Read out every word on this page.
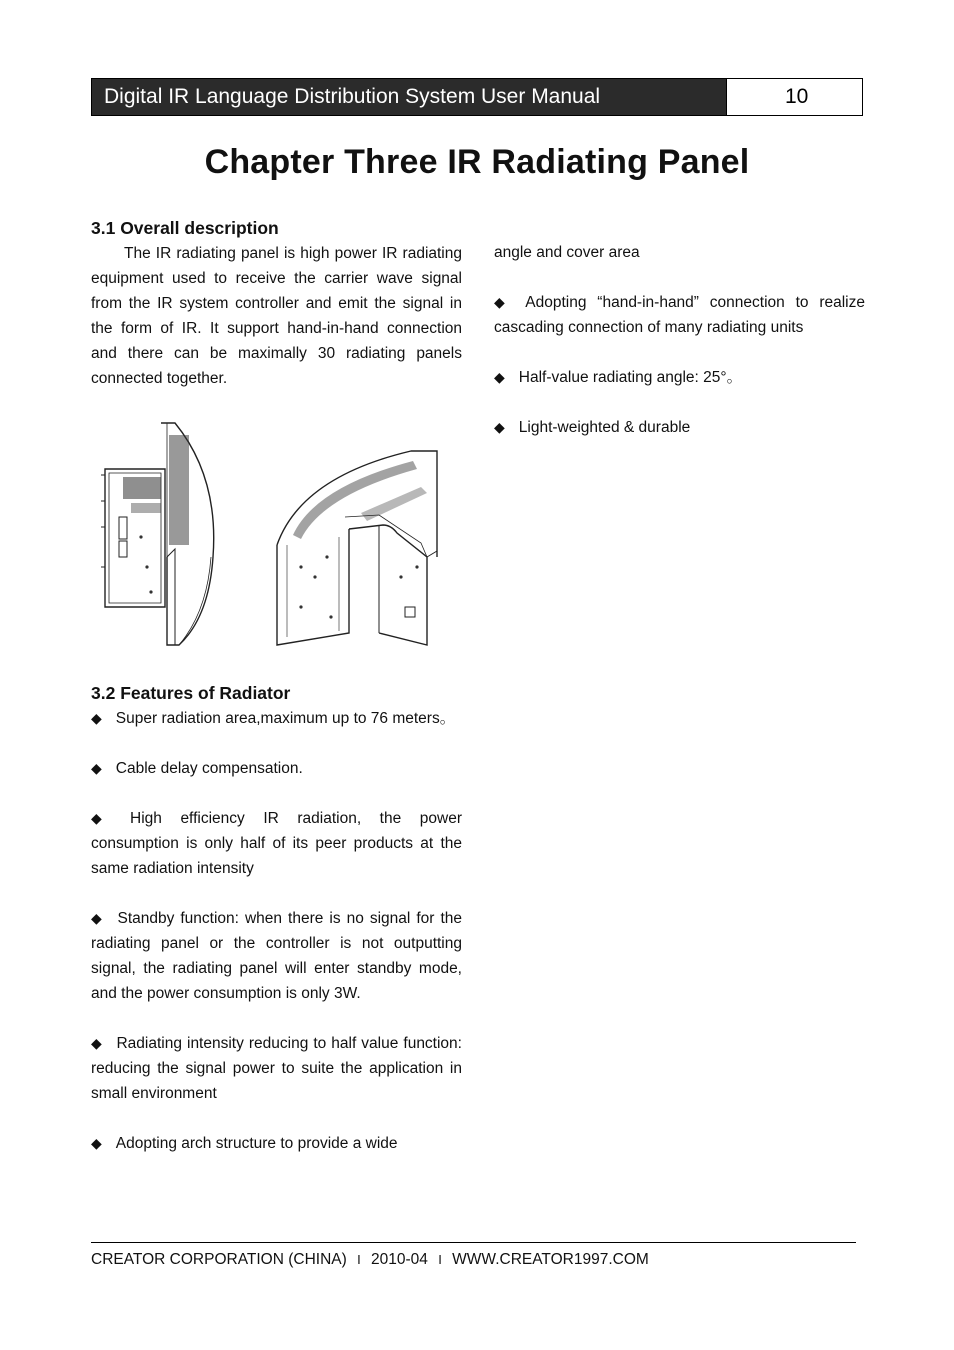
Digital IR Language Distribution System User Manual	10
Chapter Three IR Radiating Panel
3.1 Overall description

The IR radiating panel is high power IR radiating equipment used to receive the carrier wave signal from the IR system controller and emit the signal in the form of IR. It support hand-in-hand connection and there can be maximally 30 radiating panels connected together.

3.2 Features of Radiator

◆ Super radiation area,maximum up to 76 meters。

◆ Cable delay compensation.

◆ High efficiency IR radiation, the power consumption is only half of its peer products at the same radiation intensity

◆ Standby function: when there is no signal for the radiating panel or the controller is not outputting signal, the radiating panel will enter standby mode, and the power consumption is only 3W.

◆ Radiating intensity reducing to half value function: reducing the signal power to suite the application in small environment

◆ Adopting arch structure to provide a wide

angle and cover area

◆ Adopting “hand-in-hand” connection to realize cascading connection of many radiating units

◆ Half-value radiating angle: 25°。

◆ Light-weighted & durable

CREATOR CORPORATION (CHINA) I 2010-04 I WWW.CREATOR1997.COM
